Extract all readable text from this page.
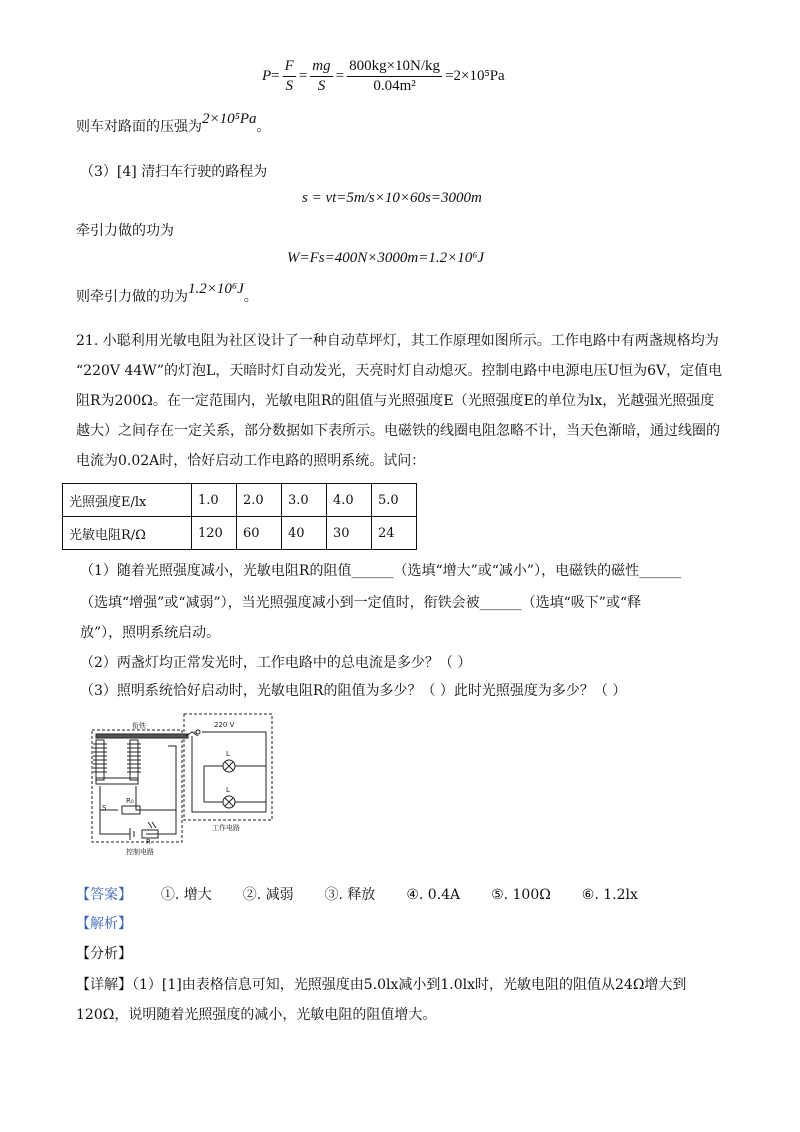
$P= \frac{F}{S} = \frac{mg}{S} = \frac{800kg\times 10N/kg}{\text{0.04m²}} =2\times 10^5Pa$
则车对路面的压强为2×10⁵Pa。
（3）[4] 清扫车行驶的路程为
s = vt=5m/s×10×60s=3000m
牵引力做的功为
W=Fs=400N×3000m=1.2×10⁶J
则牵引力做的功为1.2×10⁶J。
21. 小聪利用光敏电阻为社区设计了一种自动草坪灯，其工作原理如图所示。工作电路中有两盏规格均为
“220V 44W”的灯泡L，天暗时灯自动发光，天亮时灯自动熄灭。控制电路中电源电压U恒为6V，定值电
阻R为200Ω。在一定范围内，光敏电阻R的阻值与光照强度E（光照强度E的单位为lx，光越强光照强度
越大）之间存在一定关系，部分数据如下表所示。电磁铁的线圈电阻忽略不计，当天色渐暗，通过线圈的
电流为0.02A时，恰好启动工作电路的照明系统。试问：
光照强度E/lx	1.0	2.0	3.0	4.0	5.0
光敏电阻R/Ω	120	60	40	30	24
（1）随着光照强度减小，光敏电阻R的阻值______（选填“增大”或“减小”），电磁铁的磁性______
（选填“增强”或“减弱”），当光照强度减小到一定值时，衔铁会被______（选填“吸下”或“释
放”），照明系统启动。
（2）两盏灯均正常发光时，工作电路中的总电流是多少？（ ）
（3）照明系统恰好启动时，光敏电阻R的阻值为多少？（ ）此时光照强度为多少？（ ）
衔铁	220 V
L
L
S
R₀
R
工作电路
控制电路
【答案】 ①. 增大 ②. 减弱 ③. 释放 ④. 0.4A ⑤. 100Ω ⑥. 1.2lx
【解析】
【分析】
【详解】（1）[1]由表格信息可知，光照强度由5.0lx减小到1.0lx时，光敏电阻的阻值从24Ω增大到
120Ω，说明随着光照强度的减小，光敏电阻的阻值增大。
